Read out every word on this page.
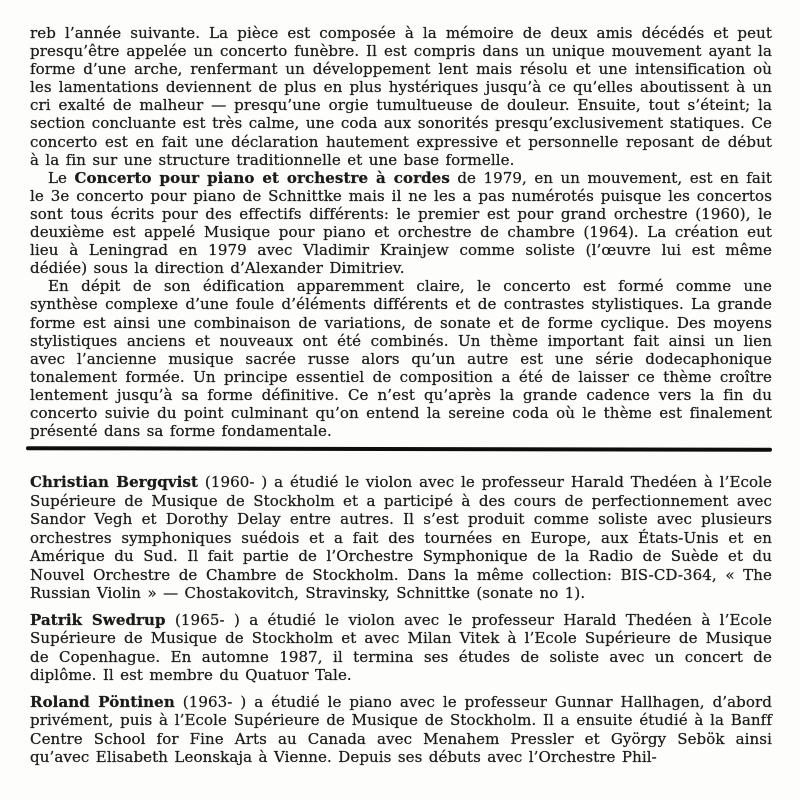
reb l’année suivante. La pièce est composée à la mémoire de deux amis décédés et peut presqu’être appelée un concerto funèbre. Il est compris dans un unique mouvement ayant la forme d’une arche, renfermant un développement lent mais résolu et une intensification où les lamentations deviennent de plus en plus hystériques jusqu’à ce qu’elles aboutissent à un cri exalté de malheur — presqu’une orgie tumultueuse de douleur. Ensuite, tout s’éteint; la section concluante est très calme, une coda aux sonorités presqu’exclusivement statiques. Ce concerto est en fait une déclaration hautement expressive et personnelle reposant de début à la fin sur une structure traditionnelle et une base formelle.

Le Concerto pour piano et orchestre à cordes de 1979, en un mouvement, est en fait le 3e concerto pour piano de Schnittke mais il ne les a pas numérotés puisque les concertos sont tous écrits pour des effectifs différents: le premier est pour grand orchestre (1960), le deuxième est appelé Musique pour piano et orchestre de chambre (1964). La création eut lieu à Leningrad en 1979 avec Vladimir Krainjew comme soliste (l’œuvre lui est même dédiée) sous la direction d’Alexander Dimitriev.

En dépit de son édification apparemment claire, le concerto est formé comme une synthèse complexe d’une foule d’éléments différents et de contrastes stylistiques. La grande forme est ainsi une combinaison de variations, de sonate et de forme cyclique. Des moyens stylistiques anciens et nouveaux ont été combinés. Un thème important fait ainsi un lien avec l’ancienne musique sacrée russe alors qu’un autre est une série dodecaphonique tonalement formée. Un principe essentiel de composition a été de laisser ce thème croître lentement jusqu’à sa forme définitive. Ce n’est qu’après la grande cadence vers la fin du concerto suivie du point culminant qu’on entend la sereine coda où le thème est finalement présenté dans sa forme fondamentale.

Christian Bergqvist (1960- ) a étudié le violon avec le professeur Harald Thedéen à l’Ecole Supérieure de Musique de Stockholm et a participé à des cours de perfectionnement avec Sandor Vegh et Dorothy Delay entre autres. Il s’est produit comme soliste avec plusieurs orchestres symphoniques suédois et a fait des tournées en Europe, aux États-Unis et en Amérique du Sud. Il fait partie de l’Orchestre Symphonique de la Radio de Suède et du Nouvel Orchestre de Chambre de Stockholm. Dans la même collection: BIS-CD-364, « The Russian Violin » — Chostakovitch, Stravinsky, Schnittke (sonate no 1).

Patrik Swedrup (1965- ) a étudié le violon avec le professeur Harald Thedéen à l’Ecole Supérieure de Musique de Stockholm et avec Milan Vitek à l’Ecole Supérieure de Musique de Copenhague. En automne 1987, il termina ses études de soliste avec un concert de diplôme. Il est membre du Quatuor Tale.

Roland Pöntinen (1963- ) a étudié le piano avec le professeur Gunnar Hallhagen, d’abord privément, puis à l’Ecole Supérieure de Musique de Stockholm. Il a ensuite étudié à la Banff Centre School for Fine Arts au Canada avec Menahem Pressler et György Sebök ainsi qu’avec Elisabeth Leonskaja à Vienne. Depuis ses débuts avec l’Orchestre Phil-
